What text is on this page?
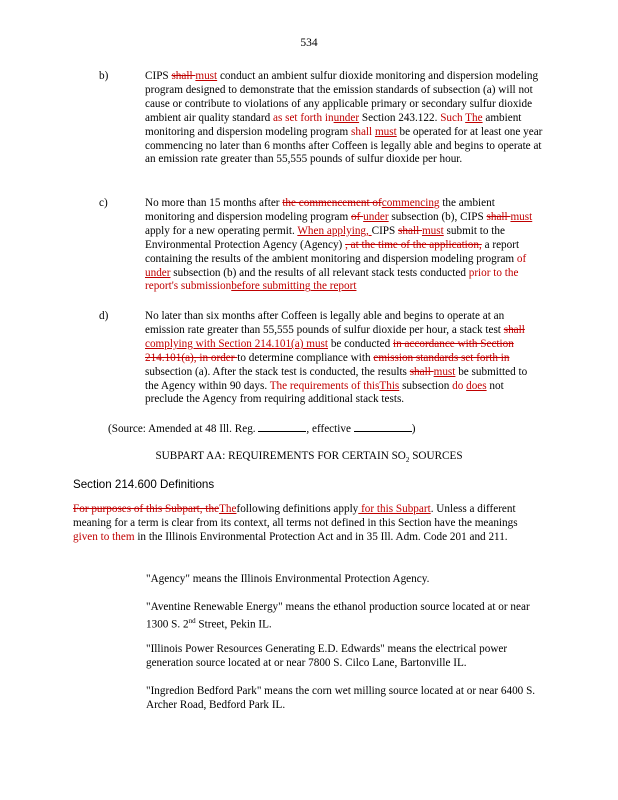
534
b)	CIPS shall must conduct an ambient sulfur dioxide monitoring and dispersion modeling program designed to demonstrate that the emission standards of subsection (a) will not cause or contribute to violations of any applicable primary or secondary sulfur dioxide ambient air quality standard as set forth inunder Section 243.122. Such The ambient monitoring and dispersion modeling program shall must be operated for at least one year commencing no later than 6 months after Coffeen is legally able and begins to operate at an emission rate greater than 55,555 pounds of sulfur dioxide per hour.
c)	No more than 15 months after the commencement ofcommencing the ambient monitoring and dispersion modeling program of under subsection (b), CIPS shall must apply for a new operating permit. When applying, CIPS shall must submit to the Environmental Protection Agency (Agency) , at the time of the application, a report containing the results of the ambient monitoring and dispersion modeling program of under subsection (b) and the results of all relevant stack tests conducted prior to the report's submissionbefore submitting the report
d)	No later than six months after Coffeen is legally able and begins to operate at an emission rate greater than 55,555 pounds of sulfur dioxide per hour, a stack test shall complying with Section 214.101(a) must be conducted in accordance with Section 214.101(a), in order to determine compliance with emission standards set forth in subsection (a). After the stack test is conducted, the results shall must be submitted to the Agency within 90 days. The requirements of thisThis subsection do does not preclude the Agency from requiring additional stack tests.
(Source: Amended at 48 Ill. Reg.	, effective	)
SUBPART AA: REQUIREMENTS FOR CERTAIN $SO_2$ SOURCES
Section 214.600 Definitions
For purposes of this Subpart, theThefollowing definitions apply for this Subpart. Unless a different meaning for a term is clear from its context, all terms not defined in this Section have the meanings given to them in the Illinois Environmental Protection Act and in 35 Ill. Adm. Code 201 and 211.
"Agency" means the Illinois Environmental Protection Agency.
"Aventine Renewable Energy" means the ethanol production source located at or near 1300 S. 2nd Street, Pekin IL.
"Illinois Power Resources Generating E.D. Edwards" means the electrical power generation source located at or near 7800 S. Cilco Lane, Bartonville IL.
"Ingredion Bedford Park" means the corn wet milling source located at or near 6400 S. Archer Road, Bedford Park IL.
